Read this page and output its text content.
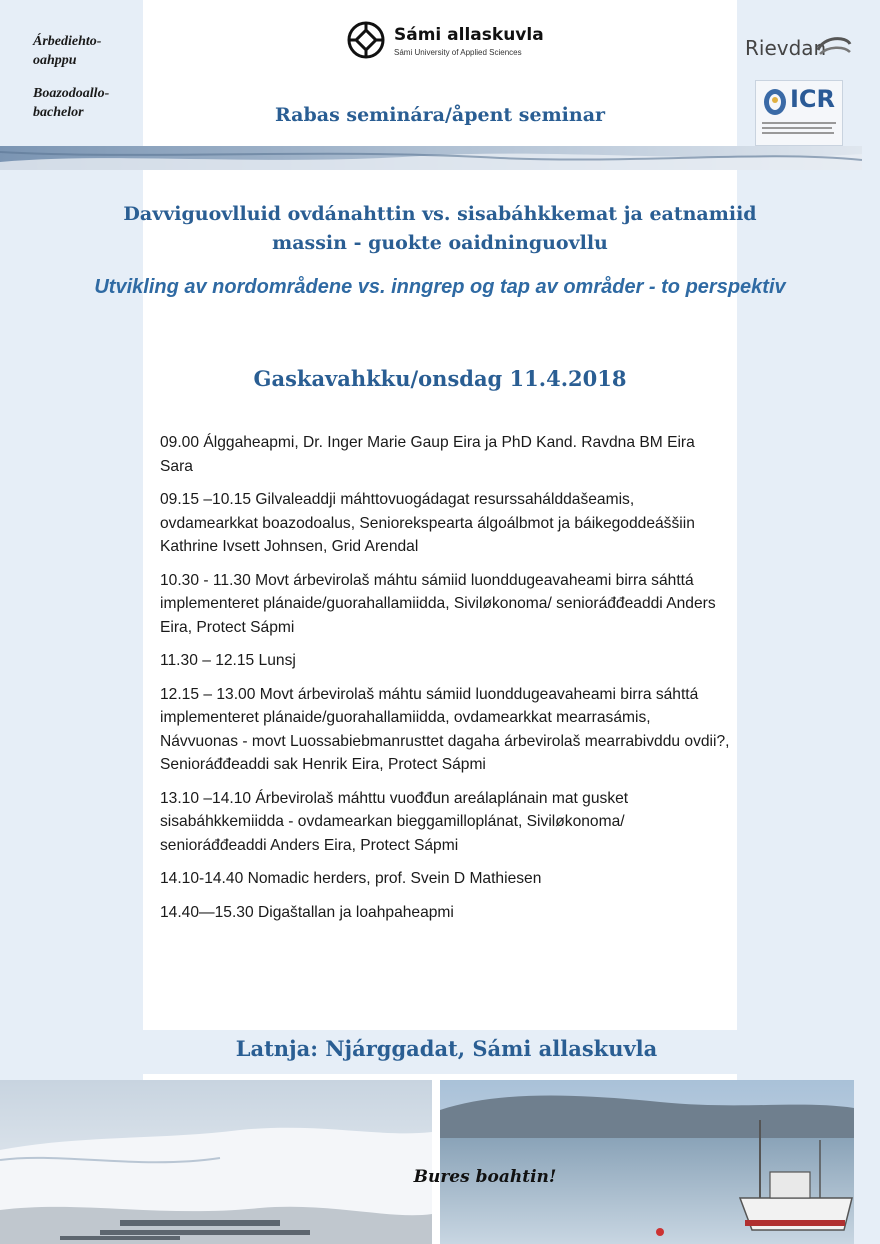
Árbediehto-
oahppu
Boazodoallo-
bachelor
Sámi allaskuvla
Sámi University of Applied Sciences	Rievdan
ICR
Rabas seminára/åpent seminar
Davviguovlluid ovdánahttin vs. sisabáhkkemat ja eatnamiid massin - guokte oaidninguovllu
Utvikling av nordområdene vs. inngrep og tap av områder - to perspektiv
Gaskavahkku/onsdag 11.4.2018

09.00 Álggaheapmi, Dr. Inger Marie Gaup Eira ja PhD Kand. Ravdna BM Eira Sara

09.15 –10.15 Gilvaleaddji máhttovuogádagat resurssahálddašeamis, ovdamearkkat boazodoalus, Seniorekspearta álgoálbmot ja báikegoddeáššiin Kathrine Ivsett Johnsen, Grid Arendal

10.30 - 11.30 Movt árbevirolaš máhtu sámiid luonddugeavaheami birra sáhttá implementeret plánaide/guorahallamiidda, Siviløkonoma/ senioráđđeaddi Anders Eira, Protect Sápmi

11.30 – 12.15 Lunsj

12.15 – 13.00 Movt árbevirolaš máhtu sámiid luonddugeavaheami birra sáhttá implementeret plánaide/guorahallamiidda, ovdamearkkat mearrasámis, Návvuonas - movt Luossabiebmanrusttet dagaha árbevirolaš mearrabivddu ovdii?, Senioráđđeaddi sak Henrik Eira, Protect Sápmi

13.10 –14.10 Árbevirolaš máhttu vuođđun areálaplánain mat gusket sisabáhkkemiidda - ovdamearkan bieggamilloplánat, Siviløkonoma/ senioráđđeaddi Anders Eira, Protect Sápmi

14.10-14.40 Nomadic herders, prof. Svein D Mathiesen

14.40—15.30 Digaštallan ja loahpaheapmi

Latnja: Njárggadat, Sámi allaskuvla
Bures boahtin!
